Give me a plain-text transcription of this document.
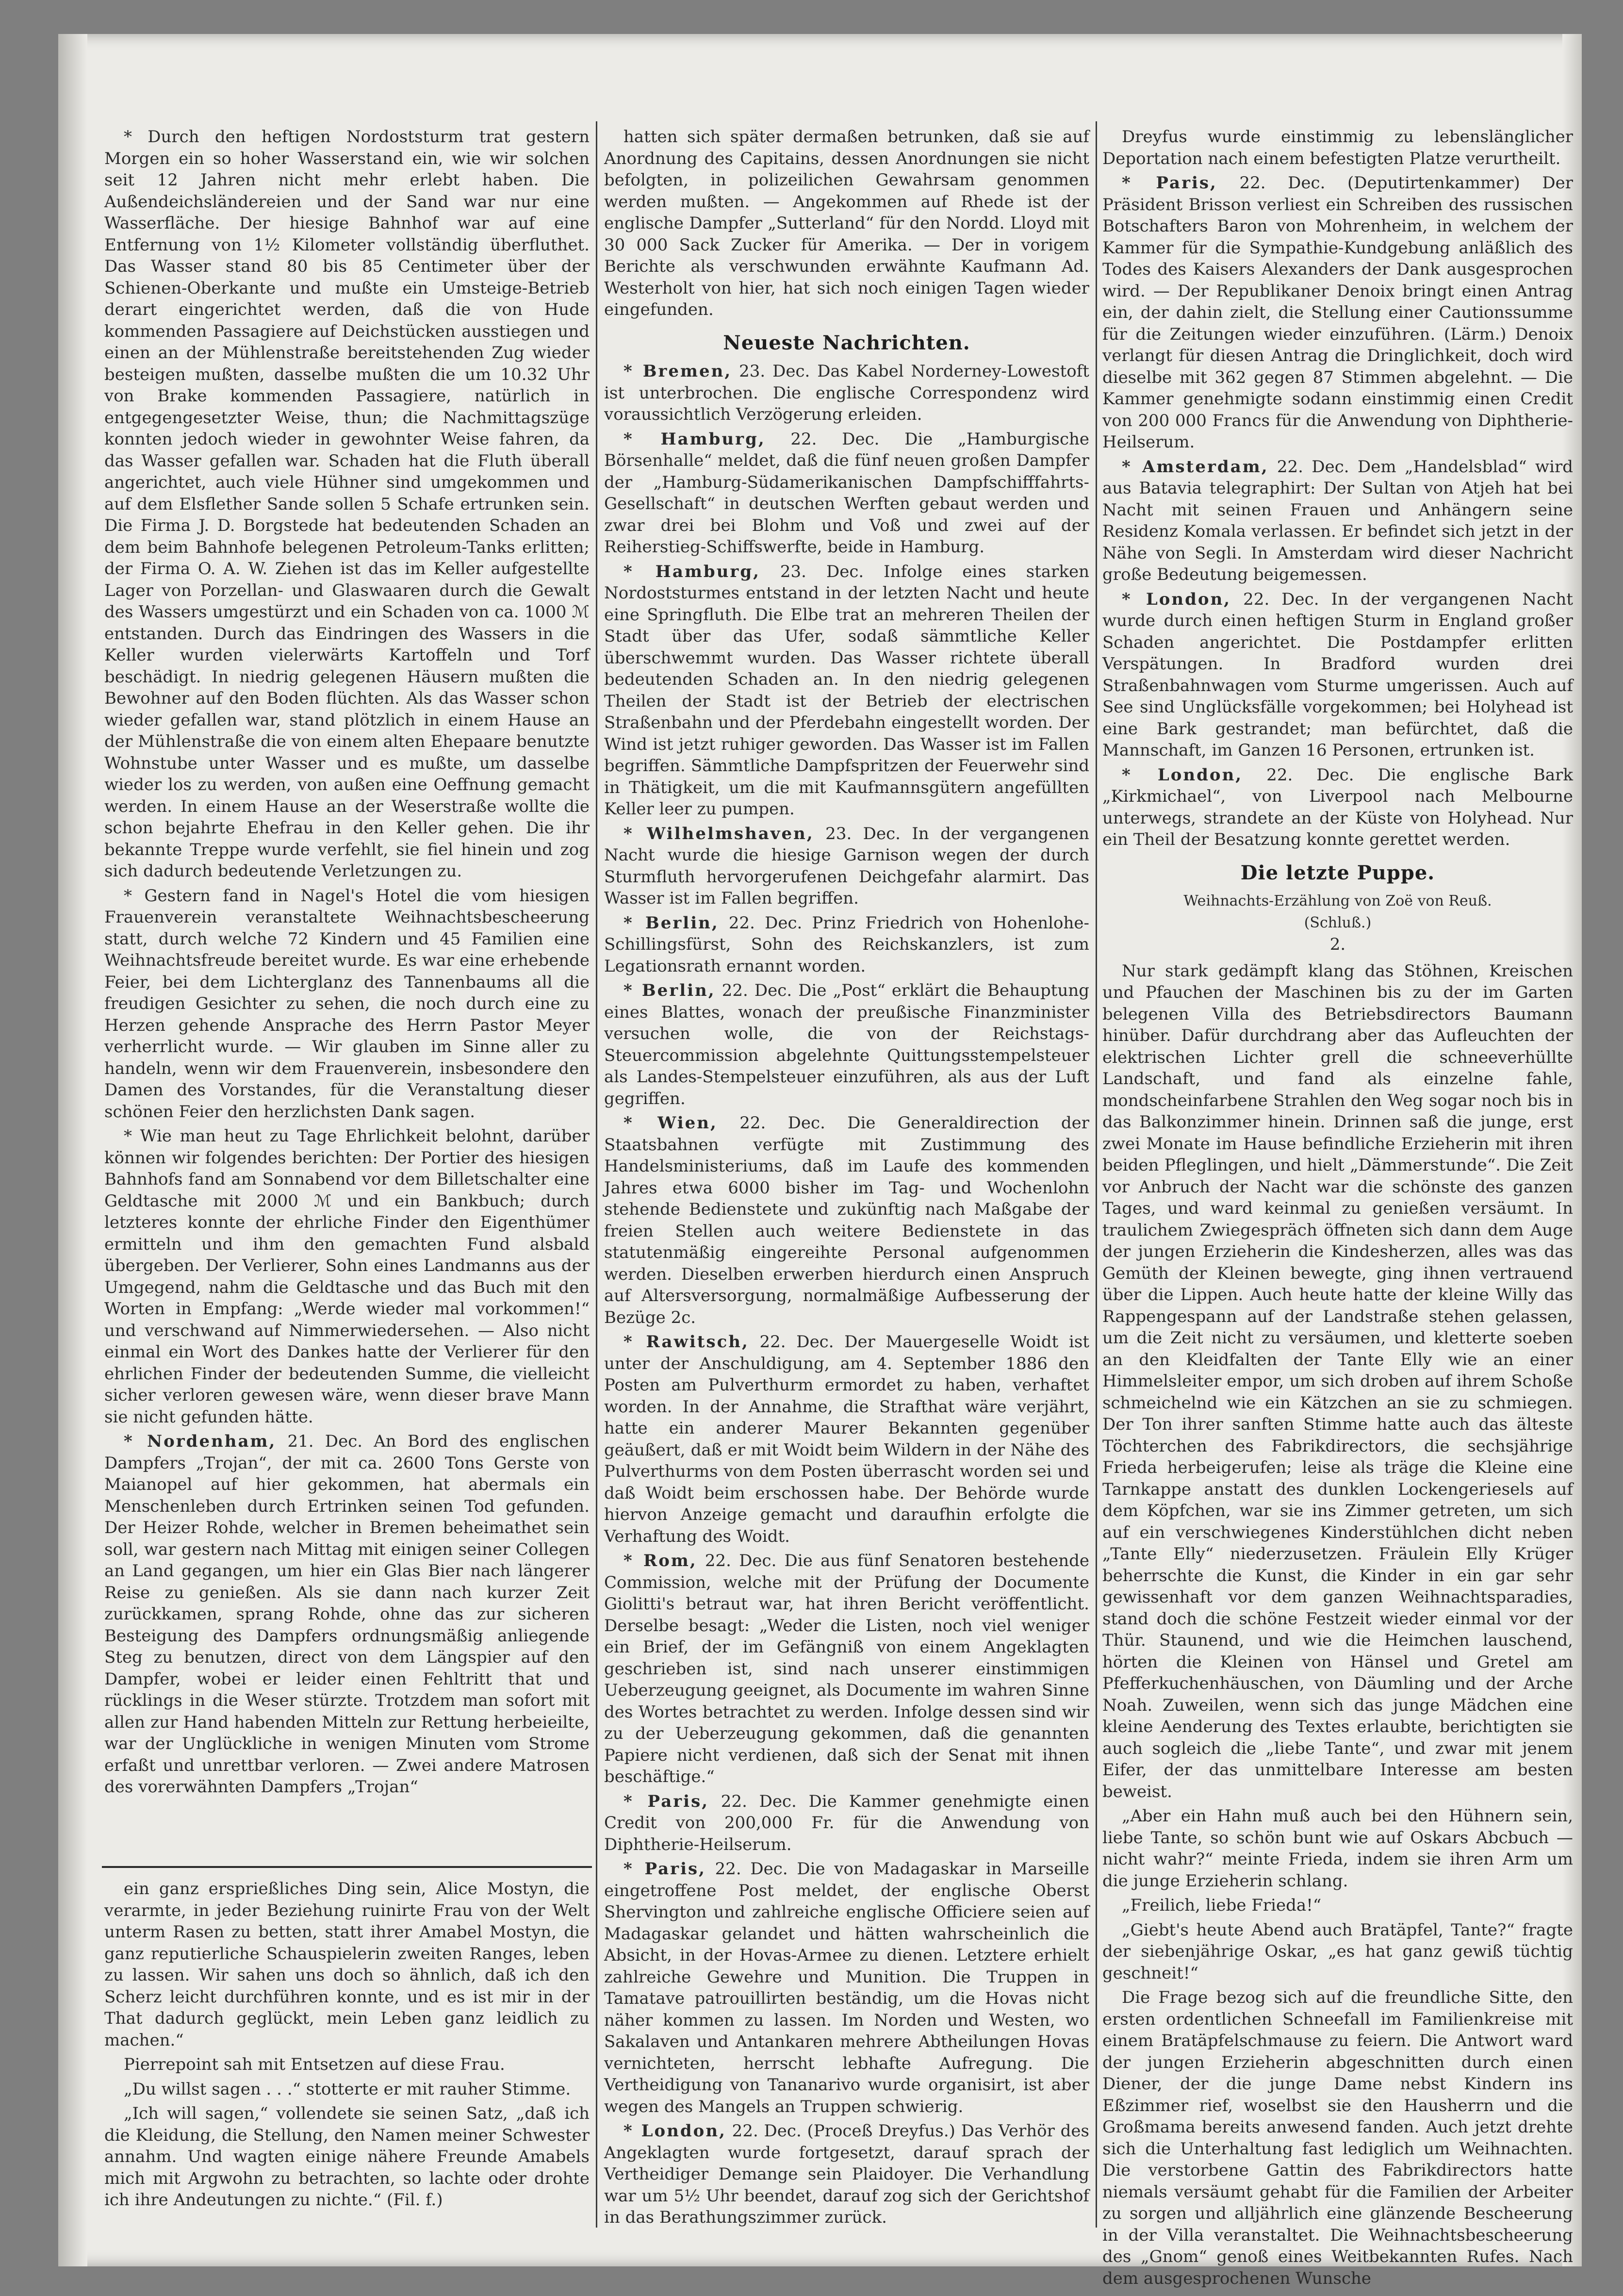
* Durch den heftigen Nordoststurm trat gestern Morgen ein so hoher Wasserstand ein, wie wir solchen seit 12 Jahren nicht mehr erlebt haben. Die Außendeichsländereien und der Sand war nur eine Wasserfläche. Der hiesige Bahnhof war auf eine Entfernung von 1½ Kilometer vollständig überfluthet. Das Wasser stand 80 bis 85 Centimeter über der Schienen-Oberkante und mußte ein Umsteige-Betrieb derart eingerichtet werden, daß die von Hude kommenden Passagiere auf Deichstücken ausstiegen und einen an der Mühlenstraße bereitstehenden Zug wieder besteigen mußten, dasselbe mußten die um 10.32 Uhr von Brake kommenden Passagiere, natürlich in entgegengesetzter Weise, thun; die Nachmittagszüge konnten jedoch wieder in gewohnter Weise fahren, da das Wasser gefallen war. Schaden hat die Fluth überall angerichtet, auch viele Hühner sind umgekommen und auf dem Elsflether Sande sollen 5 Schafe ertrunken sein. Die Firma J. D. Borgstede hat bedeutenden Schaden an dem beim Bahnhofe belegenen Petroleum-Tanks erlitten; der Firma O. A. W. Ziehen ist das im Keller aufgestellte Lager von Porzellan- und Glaswaaren durch die Gewalt des Wassers umgestürzt und ein Schaden von ca. 1000 ℳ entstanden. Durch das Eindringen des Wassers in die Keller wurden vielerwärts Kartoffeln und Torf beschädigt. In niedrig gelegenen Häusern mußten die Bewohner auf den Boden flüchten. Als das Wasser schon wieder gefallen war, stand plötzlich in einem Hause an der Mühlenstraße die von einem alten Ehepaare benutzte Wohnstube unter Wasser und es mußte, um dasselbe wieder los zu werden, von außen eine Oeffnung gemacht werden. In einem Hause an der Weserstraße wollte die schon bejahrte Ehefrau in den Keller gehen. Die ihr bekannte Treppe wurde verfehlt, sie fiel hinein und zog sich dadurch bedeutende Verletzungen zu.

* Gestern fand in Nagel's Hotel die vom hiesigen Frauenverein veranstaltete Weihnachtsbescheerung statt, durch welche 72 Kindern und 45 Familien eine Weihnachtsfreude bereitet wurde. Es war eine erhebende Feier, bei dem Lichterglanz des Tannenbaums all die freudigen Gesichter zu sehen, die noch durch eine zu Herzen gehende Ansprache des Herrn Pastor Meyer verherrlicht wurde. — Wir glauben im Sinne aller zu handeln, wenn wir dem Frauenverein, insbesondere den Damen des Vorstandes, für die Veranstaltung dieser schönen Feier den herzlichsten Dank sagen.

* Wie man heut zu Tage Ehrlichkeit belohnt, darüber können wir folgendes berichten: Der Portier des hiesigen Bahnhofs fand am Sonnabend vor dem Billetschalter eine Geldtasche mit 2000 ℳ und ein Bankbuch; durch letzteres konnte der ehrliche Finder den Eigenthümer ermitteln und ihm den gemachten Fund alsbald übergeben. Der Verlierer, Sohn eines Landmanns aus der Umgegend, nahm die Geldtasche und das Buch mit den Worten in Empfang: „Werde wieder mal vorkommen!“ und verschwand auf Nimmerwiedersehen. — Also nicht einmal ein Wort des Dankes hatte der Verlierer für den ehrlichen Finder der bedeutenden Summe, die vielleicht sicher verloren gewesen wäre, wenn dieser brave Mann sie nicht gefunden hätte.

* Nordenham, 21. Dec. An Bord des englischen Dampfers „Trojan“, der mit ca. 2600 Tons Gerste von Maianopel auf hier gekommen, hat abermals ein Menschenleben durch Ertrinken seinen Tod gefunden. Der Heizer Rohde, welcher in Bremen beheimathet sein soll, war gestern nach Mittag mit einigen seiner Collegen an Land gegangen, um hier ein Glas Bier nach längerer Reise zu genießen. Als sie dann nach kurzer Zeit zurückkamen, sprang Rohde, ohne das zur sicheren Besteigung des Dampfers ordnungsmäßig anliegende Steg zu benutzen, direct von dem Längspier auf den Dampfer, wobei er leider einen Fehltritt that und rücklings in die Weser stürzte. Trotzdem man sofort mit allen zur Hand habenden Mitteln zur Rettung herbeieilte, war der Unglückliche in wenigen Minuten vom Strome erfaßt und unrettbar verloren. — Zwei andere Matrosen des vorerwähnten Dampfers „Trojan“

ein ganz ersprießliches Ding sein, Alice Mostyn, die verarmte, in jeder Beziehung ruinirte Frau von der Welt unterm Rasen zu betten, statt ihrer Amabel Mostyn, die ganz reputierliche Schauspielerin zweiten Ranges, leben zu lassen. Wir sahen uns doch so ähnlich, daß ich den Scherz leicht durchführen konnte, und es ist mir in der That dadurch geglückt, mein Leben ganz leidlich zu machen.“

Pierrepoint sah mit Entsetzen auf diese Frau.

„Du willst sagen . . .“ stotterte er mit rauher Stimme.

„Ich will sagen,“ vollendete sie seinen Satz, „daß ich die Kleidung, die Stellung, den Namen meiner Schwester annahm. Und wagten einige nähere Freunde Amabels mich mit Argwohn zu betrachten, so lachte oder drohte ich ihre Andeutungen zu nichte.“ (Fil. f.)

hatten sich später dermaßen betrunken, daß sie auf Anordnung des Capitains, dessen Anordnungen sie nicht befolgten, in polizeilichen Gewahrsam genommen werden mußten. — Angekommen auf Rhede ist der englische Dampfer „Sutterland“ für den Nordd. Lloyd mit 30 000 Sack Zucker für Amerika. — Der in vorigem Berichte als verschwunden erwähnte Kaufmann Ad. Westerholt von hier, hat sich noch einigen Tagen wieder eingefunden.

Neueste Nachrichten.

* Bremen, 23. Dec. Das Kabel Norderney-Lowestoft ist unterbrochen. Die englische Correspondenz wird voraussichtlich Verzögerung erleiden.

* Hamburg, 22. Dec. Die „Hamburgische Börsenhalle“ meldet, daß die fünf neuen großen Dampfer der „Hamburg-Südamerikanischen Dampfschifffahrts-Gesellschaft“ in deutschen Werften gebaut werden und zwar drei bei Blohm und Voß und zwei auf der Reiherstieg-Schiffswerfte, beide in Hamburg.

* Hamburg, 23. Dec. Infolge eines starken Nordoststurmes entstand in der letzten Nacht und heute eine Springfluth. Die Elbe trat an mehreren Theilen der Stadt über das Ufer, sodaß sämmtliche Keller überschwemmt wurden. Das Wasser richtete überall bedeutenden Schaden an. In den niedrig gelegenen Theilen der Stadt ist der Betrieb der electrischen Straßenbahn und der Pferdebahn eingestellt worden. Der Wind ist jetzt ruhiger geworden. Das Wasser ist im Fallen begriffen. Sämmtliche Dampfspritzen der Feuerwehr sind in Thätigkeit, um die mit Kaufmannsgütern angefüllten Keller leer zu pumpen.

* Wilhelmshaven, 23. Dec. In der vergangenen Nacht wurde die hiesige Garnison wegen der durch Sturmfluth hervorgerufenen Deichgefahr alarmirt. Das Wasser ist im Fallen begriffen.

* Berlin, 22. Dec. Prinz Friedrich von Hohenlohe-Schillingsfürst, Sohn des Reichskanzlers, ist zum Legationsrath ernannt worden.

* Berlin, 22. Dec. Die „Post“ erklärt die Behauptung eines Blattes, wonach der preußische Finanzminister versuchen wolle, die von der Reichstags-Steuercommission abgelehnte Quittungsstempelsteuer als Landes-Stempelsteuer einzuführen, als aus der Luft gegriffen.

* Wien, 22. Dec. Die Generaldirection der Staatsbahnen verfügte mit Zustimmung des Handelsministeriums, daß im Laufe des kommenden Jahres etwa 6000 bisher im Tag- und Wochenlohn stehende Bedienstete und zukünftig nach Maßgabe der freien Stellen auch weitere Bedienstete in das statutenmäßig eingereihte Personal aufgenommen werden. Dieselben erwerben hierdurch einen Anspruch auf Altersversorgung, normalmäßige Aufbesserung der Bezüge 2c.

* Rawitsch, 22. Dec. Der Mauergeselle Woidt ist unter der Anschuldigung, am 4. September 1886 den Posten am Pulverthurm ermordet zu haben, verhaftet worden. In der Annahme, die Strafthat wäre verjährt, hatte ein anderer Maurer Bekannten gegenüber geäußert, daß er mit Woidt beim Wildern in der Nähe des Pulverthurms von dem Posten überrascht worden sei und daß Woidt beim erschossen habe. Der Behörde wurde hiervon Anzeige gemacht und daraufhin erfolgte die Verhaftung des Woidt.

* Rom, 22. Dec. Die aus fünf Senatoren bestehende Commission, welche mit der Prüfung der Documente Giolitti's betraut war, hat ihren Bericht veröffentlicht. Derselbe besagt: „Weder die Listen, noch viel weniger ein Brief, der im Gefängniß von einem Angeklagten geschrieben ist, sind nach unserer einstimmigen Ueberzeugung geeignet, als Documente im wahren Sinne des Wortes betrachtet zu werden. Infolge dessen sind wir zu der Ueberzeugung gekommen, daß die genannten Papiere nicht verdienen, daß sich der Senat mit ihnen beschäftige.“

* Paris, 22. Dec. Die Kammer genehmigte einen Credit von 200,000 Fr. für die Anwendung von Diphtherie-Heilserum.

* Paris, 22. Dec. Die von Madagaskar in Marseille eingetroffene Post meldet, der englische Oberst Shervington und zahlreiche englische Officiere seien auf Madagaskar gelandet und hätten wahrscheinlich die Absicht, in der Hovas-Armee zu dienen. Letztere erhielt zahlreiche Gewehre und Munition. Die Truppen in Tamatave patrouillirten beständig, um die Hovas nicht näher kommen zu lassen. Im Norden und Westen, wo Sakalaven und Antankaren mehrere Abtheilungen Hovas vernichteten, herrscht lebhafte Aufregung. Die Vertheidigung von Tananarivo wurde organisirt, ist aber wegen des Mangels an Truppen schwierig.

* London, 22. Dec. (Proceß Dreyfus.) Das Verhör des Angeklagten wurde fortgesetzt, darauf sprach der Vertheidiger Demange sein Plaidoyer. Die Verhandlung war um 5½ Uhr beendet, darauf zog sich der Gerichtshof in das Berathungszimmer zurück.

Dreyfus wurde einstimmig zu lebenslänglicher Deportation nach einem befestigten Platze verurtheilt.

* Paris, 22. Dec. (Deputirtenkammer) Der Präsident Brisson verliest ein Schreiben des russischen Botschafters Baron von Mohrenheim, in welchem der Kammer für die Sympathie-Kundgebung anläßlich des Todes des Kaisers Alexanders der Dank ausgesprochen wird. — Der Republikaner Denoix bringt einen Antrag ein, der dahin zielt, die Stellung einer Cautionssumme für die Zeitungen wieder einzuführen. (Lärm.) Denoix verlangt für diesen Antrag die Dringlichkeit, doch wird dieselbe mit 362 gegen 87 Stimmen abgelehnt. — Die Kammer genehmigte sodann einstimmig einen Credit von 200 000 Francs für die Anwendung von Diphtherie-Heilserum.

* Amsterdam, 22. Dec. Dem „Handelsblad“ wird aus Batavia telegraphirt: Der Sultan von Atjeh hat bei Nacht mit seinen Frauen und Anhängern seine Residenz Komala verlassen. Er befindet sich jetzt in der Nähe von Segli. In Amsterdam wird dieser Nachricht große Bedeutung beigemessen.

* London, 22. Dec. In der vergangenen Nacht wurde durch einen heftigen Sturm in England großer Schaden angerichtet. Die Postdampfer erlitten Verspätungen. In Bradford wurden drei Straßenbahnwagen vom Sturme umgerissen. Auch auf See sind Unglücksfälle vorgekommen; bei Holyhead ist eine Bark gestrandet; man befürchtet, daß die Mannschaft, im Ganzen 16 Personen, ertrunken ist.

* London, 22. Dec. Die englische Bark „Kirkmichael“, von Liverpool nach Melbourne unterwegs, strandete an der Küste von Holyhead. Nur ein Theil der Besatzung konnte gerettet werden.

Die letzte Puppe.

Weihnachts-Erzählung von Zoë von Reuß.

(Schluß.)

2.

Nur stark gedämpft klang das Stöhnen, Kreischen und Pfauchen der Maschinen bis zu der im Garten belegenen Villa des Betriebsdirectors Baumann hinüber. Dafür durchdrang aber das Aufleuchten der elektrischen Lichter grell die schneeverhüllte Landschaft, und fand als einzelne fahle, mondscheinfarbene Strahlen den Weg sogar noch bis in das Balkonzimmer hinein. Drinnen saß die junge, erst zwei Monate im Hause befindliche Erzieherin mit ihren beiden Pfleglingen, und hielt „Dämmerstunde“. Die Zeit vor Anbruch der Nacht war die schönste des ganzen Tages, und ward keinmal zu genießen versäumt. In traulichem Zwiegespräch öffneten sich dann dem Auge der jungen Erzieherin die Kindesherzen, alles was das Gemüth der Kleinen bewegte, ging ihnen vertrauend über die Lippen. Auch heute hatte der kleine Willy das Rappengespann auf der Landstraße stehen gelassen, um die Zeit nicht zu versäumen, und kletterte soeben an den Kleidfalten der Tante Elly wie an einer Himmelsleiter empor, um sich droben auf ihrem Schoße schmeichelnd wie ein Kätzchen an sie zu schmiegen. Der Ton ihrer sanften Stimme hatte auch das älteste Töchterchen des Fabrikdirectors, die sechsjährige Frieda herbeigerufen; leise als träge die Kleine eine Tarnkappe anstatt des dunklen Lockengeriesels auf dem Köpfchen, war sie ins Zimmer getreten, um sich auf ein verschwiegenes Kinderstühlchen dicht neben „Tante Elly“ niederzusetzen. Fräulein Elly Krüger beherrschte die Kunst, die Kinder in ein gar sehr gewissenhaft vor dem ganzen Weihnachtsparadies, stand doch die schöne Festzeit wieder einmal vor der Thür. Staunend, und wie die Heimchen lauschend, hörten die Kleinen von Hänsel und Gretel am Pfefferkuchenhäuschen, von Däumling und der Arche Noah. Zuweilen, wenn sich das junge Mädchen eine kleine Aenderung des Textes erlaubte, berichtigten sie auch sogleich die „liebe Tante“, und zwar mit jenem Eifer, der das unmittelbare Interesse am besten beweist.

„Aber ein Hahn muß auch bei den Hühnern sein, liebe Tante, so schön bunt wie auf Oskars Abcbuch — nicht wahr?“ meinte Frieda, indem sie ihren Arm um die junge Erzieherin schlang.

„Freilich, liebe Frieda!“

„Giebt's heute Abend auch Bratäpfel, Tante?“ fragte der siebenjährige Oskar, „es hat ganz gewiß tüchtig geschneit!“

Die Frage bezog sich auf die freundliche Sitte, den ersten ordentlichen Schneefall im Familienkreise mit einem Bratäpfelschmause zu feiern. Die Antwort ward der jungen Erzieherin abgeschnitten durch einen Diener, der die junge Dame nebst Kindern ins Eßzimmer rief, woselbst sie den Hausherrn und die Großmama bereits anwesend fanden. Auch jetzt drehte sich die Unterhaltung fast lediglich um Weihnachten. Die verstorbene Gattin des Fabrikdirectors hatte niemals versäumt gehabt für die Familien der Arbeiter zu sorgen und alljährlich eine glänzende Bescheerung in der Villa veranstaltet. Die Weihnachtsbescheerung des „Gnom“ genoß eines Weitbekannten Rufes. Nach dem ausgesprochenen Wunsche
